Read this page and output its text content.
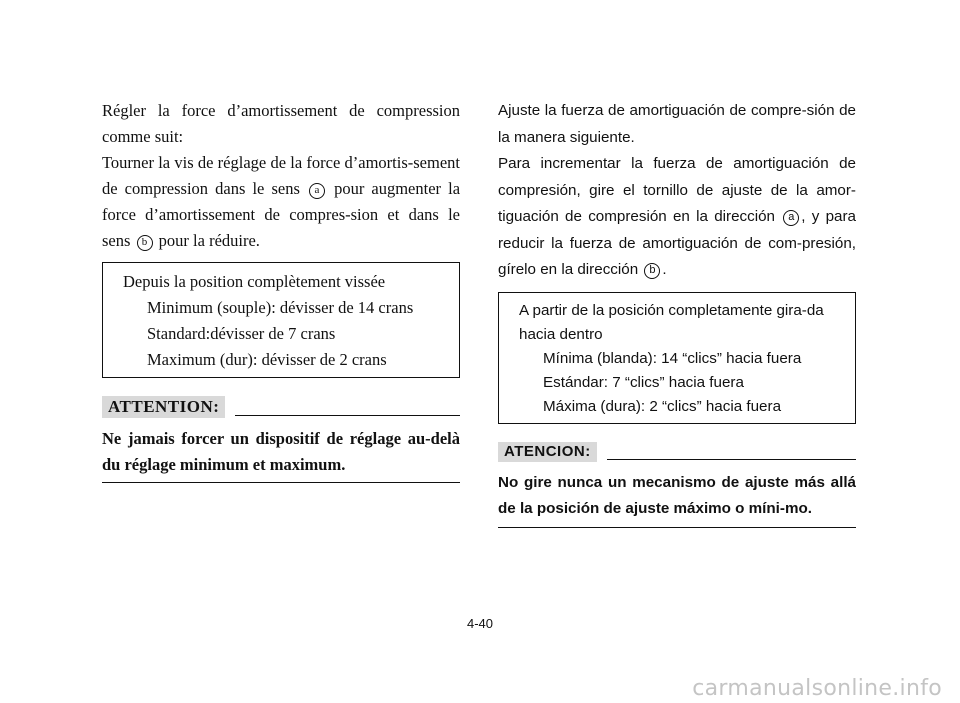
Régler la force d’amortissement de compression comme suit:

Tourner la vis de réglage de la force d’amortis-sement de compression dans le sens a pour augmenter la force d’amortissement de compres-sion et dans le sens b pour la réduire.

Depuis la position complètement vissée
Minimum (souple): dévisser de 14 crans
Standard:dévisser de 7 crans
Maximum (dur): dévisser de 2 crans
ATTENTION:
Ne jamais forcer un dispositif de réglage au-delà du réglage minimum et maximum.

Ajuste la fuerza de amortiguación de compre-sión de la manera siguiente.

Para incrementar la fuerza de amortiguación de compresión, gire el tornillo de ajuste de la amor-tiguación de compresión en la dirección a , y para reducir la fuerza de amortiguación de com-presión, gírelo en la dirección b .

A partir de la posición completamente gira-da hacia dentro
Mínima (blanda): 14 “clics” hacia fuera
Estándar: 7 “clics” hacia fuera
Máxima (dura): 2 “clics” hacia fuera
ATENCION:
No gire nunca un mecanismo de ajuste más allá de la posición de ajuste máximo o míni-mo.
4-40
carmanualsonline.info
